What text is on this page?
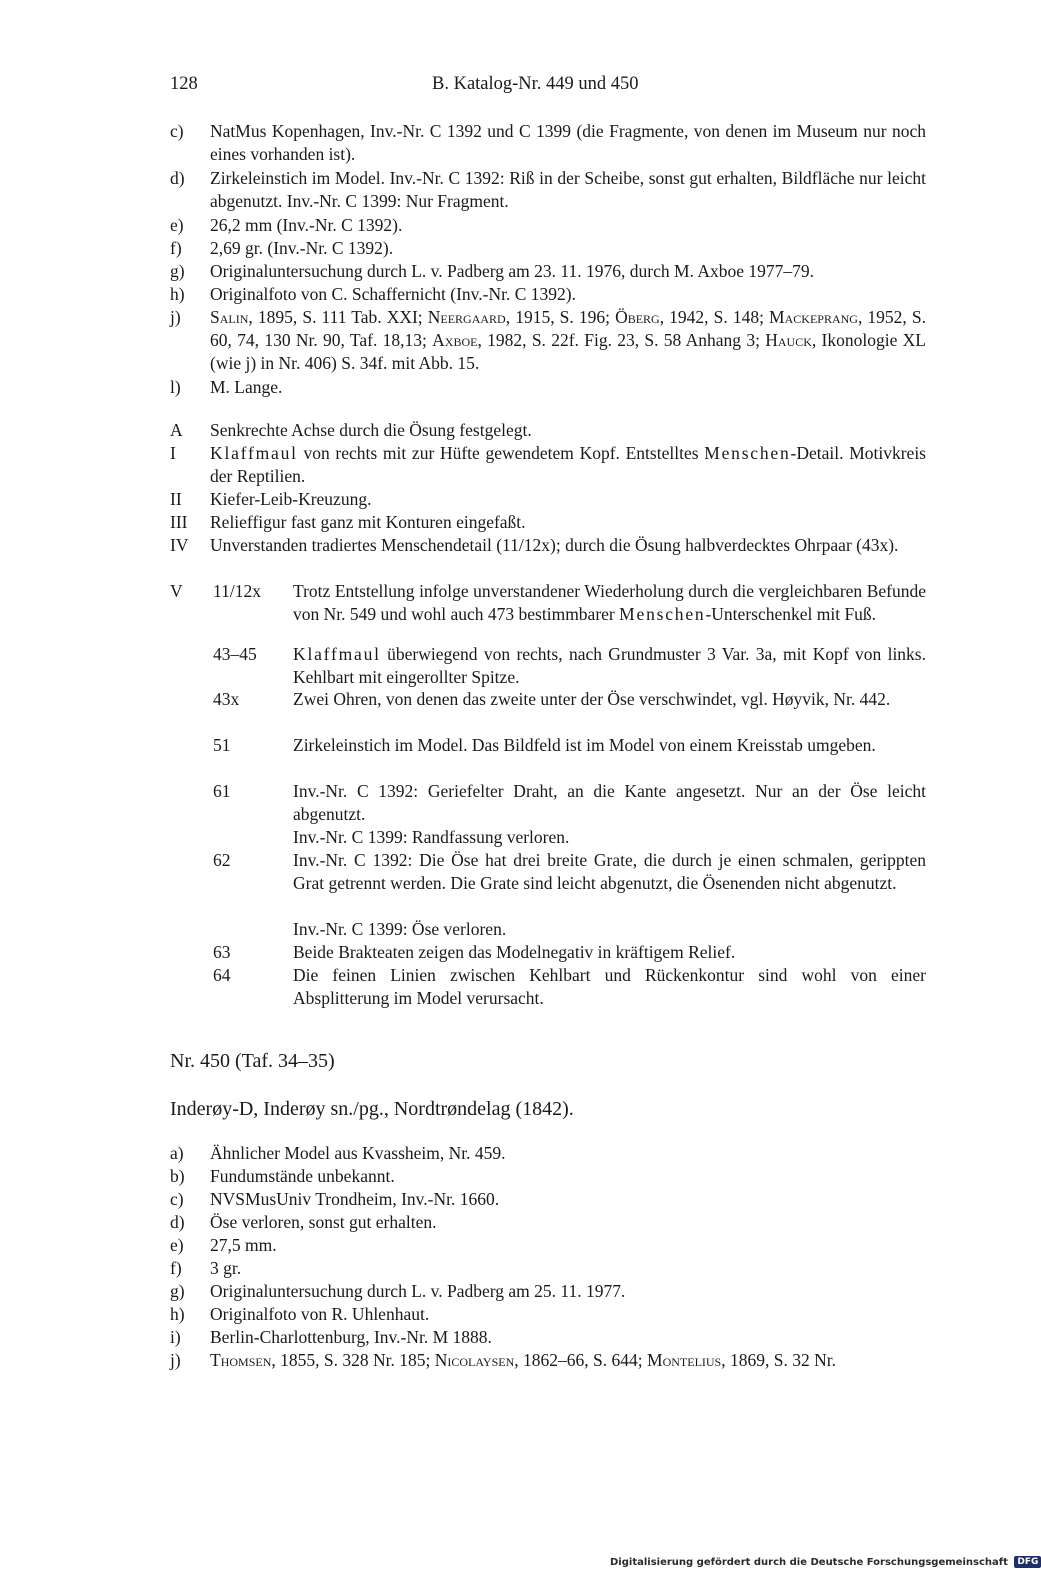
128	B. Katalog-Nr. 449 und 450
c) NatMus Kopenhagen, Inv.-Nr. C 1392 und C 1399 (die Fragmente, von denen im Museum nur noch eines vorhanden ist).
d) Zirkeleinstich im Model. Inv.-Nr. C 1392: Riß in der Scheibe, sonst gut erhalten, Bildfläche nur leicht abgenutzt. Inv.-Nr. C 1399: Nur Fragment.
e) 26,2 mm (Inv.-Nr. C 1392).
f) 2,69 gr. (Inv.-Nr. C 1392).
g) Originaluntersuchung durch L. v. Padberg am 23. 11. 1976, durch M. Axboe 1977–79.
h) Originalfoto von C. Schaffernicht (Inv.-Nr. C 1392).
j) Salin, 1895, S. 111 Tab. XXI; Neergaard, 1915, S. 196; Öberg, 1942, S. 148; Mackeprang, 1952, S. 60, 74, 130 Nr. 90, Taf. 18,13; Axboe, 1982, S. 22f. Fig. 23, S. 58 Anhang 3; Hauck, Ikonologie XL (wie j) in Nr. 406) S. 34f. mit Abb. 15.
l) M. Lange.
A Senkrechte Achse durch die Ösung festgelegt.
I Klaffmaul von rechts mit zur Hüfte gewendetem Kopf. Entstelltes Menschen-Detail. Motivkreis der Reptilien.
II Kiefer-Leib-Kreuzung.
III Relieffigur fast ganz mit Konturen eingefaßt.
IV Unverstanden tradiertes Menschendetail (11/12x); durch die Ösung halbverdecktes Ohrpaar (43x).
V 11/12x Trotz Entstellung infolge unverstandener Wiederholung durch die vergleichbaren Befunde von Nr. 549 und wohl auch 473 bestimmbarer Menschen-Unterschenkel mit Fuß.
43–45 Klaffmaul überwiegend von rechts, nach Grundmuster 3 Var. 3a, mit Kopf von links. Kehlbart mit eingerollter Spitze.
43x	Zwei Ohren, von denen das zweite unter der Öse verschwindet, vgl. Høyvik, Nr. 442.
51	Zirkeleinstich im Model. Das Bildfeld ist im Model von einem Kreisstab umgeben.
61	Inv.-Nr. C 1392: Geriefelter Draht, an die Kante angesetzt. Nur an der Öse leicht abgenutzt.
Inv.-Nr. C 1399: Randfassung verloren.
62	Inv.-Nr. C 1392: Die Öse hat drei breite Grate, die durch je einen schmalen, gerippten Grat getrennt werden. Die Grate sind leicht abgenutzt, die Ösenenden nicht abgenutzt.
Inv.-Nr. C 1399: Öse verloren.
63	Beide Brakteaten zeigen das Modelnegativ in kräftigem Relief.
64	Die feinen Linien zwischen Kehlbart und Rückenkontur sind wohl von einer Absplitterung im Model verursacht.
Nr. 450 (Taf. 34–35)
Inderøy-D, Inderøy sn./pg., Nordtrøndelag (1842).
a) Ähnlicher Model aus Kvassheim, Nr. 459.
b) Fundumstände unbekannt.
c) NVSMusUniv Trondheim, Inv.-Nr. 1660.
d) Öse verloren, sonst gut erhalten.
e) 27,5 mm.
f) 3 gr.
g) Originaluntersuchung durch L. v. Padberg am 25. 11. 1977.
h) Originalfoto von R. Uhlenhaut.
i) Berlin-Charlottenburg, Inv.-Nr. M 1888.
j) Thomsen, 1855, S. 328 Nr. 185; Nicolaysen, 1862–66, S. 644; Montelius, 1869, S. 32 Nr.
Digitalisierung gefördert durch die Deutsche Forschungsgemeinschaft DFG
